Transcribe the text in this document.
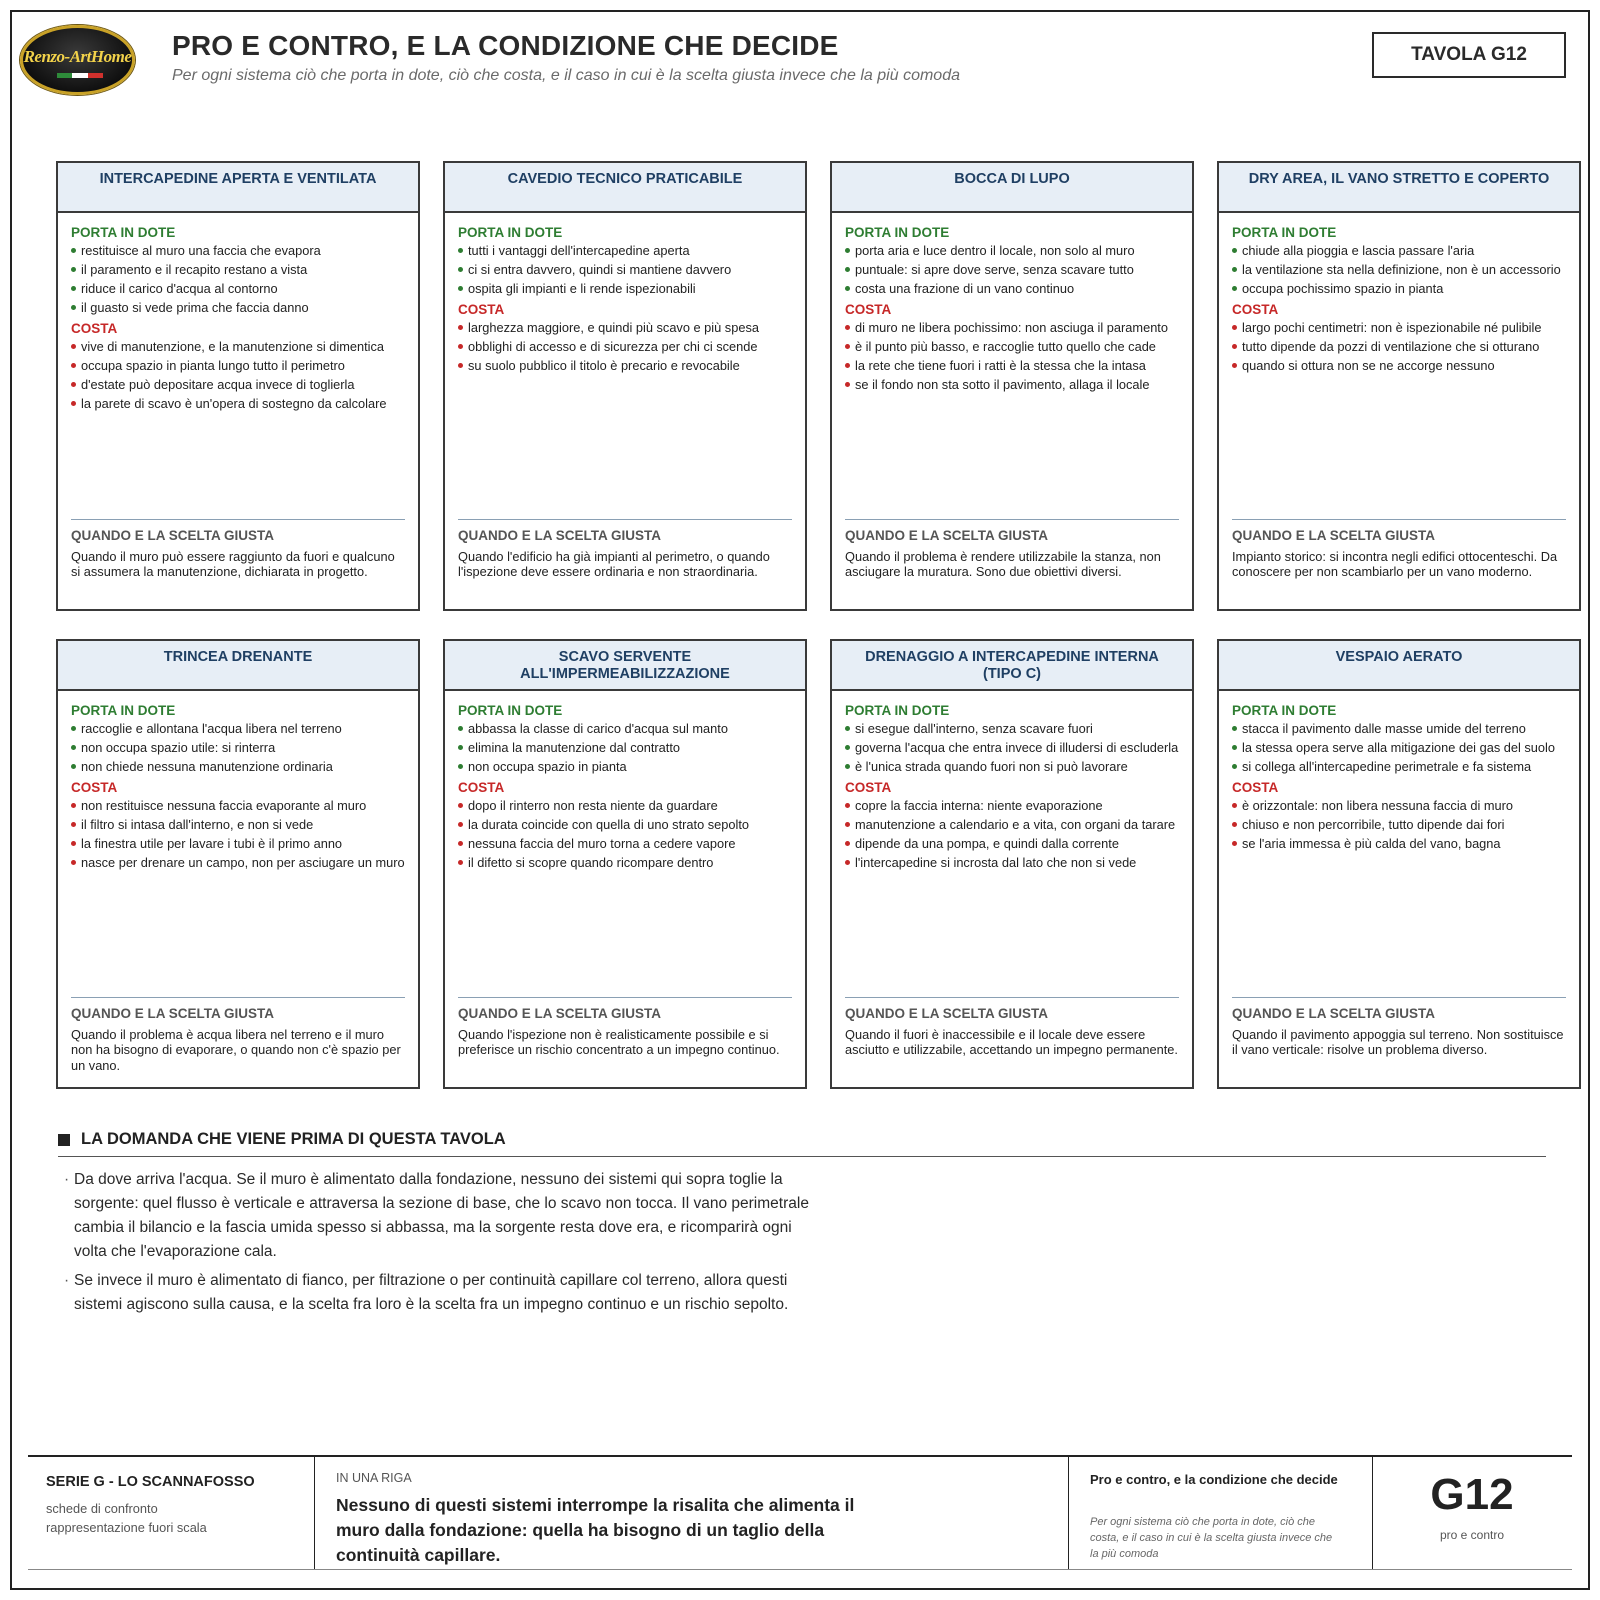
Renzo-ArtHome PRO E CONTRO, E LA CONDIZIONE CHE DECIDE
Per ogni sistema ciò che porta in dote, ciò che costa, e il caso in cui è la scelta giusta invece che la più comoda
TAVOLA G12
INTERCAPEDINE APERTA E VENTILATA
PORTA IN DOTE
restituisce al muro una faccia che evapora
il paramento e il recapito restano a vista
riduce il carico d'acqua al contorno
il guasto si vede prima che faccia danno
COSTA
vive di manutenzione, e la manutenzione si dimentica
occupa spazio in pianta lungo tutto il perimetro
d'estate può depositare acqua invece di toglierla
la parete di scavo è un'opera di sostegno da calcolare
QUANDO E LA SCELTA GIUSTA
Quando il muro può essere raggiunto da fuori e qualcuno si assumera la manutenzione, dichiarata in progetto.
CAVEDIO TECNICO PRATICABILE
PORTA IN DOTE
tutti i vantaggi dell'intercapedine aperta
ci si entra davvero, quindi si mantiene davvero
ospita gli impianti e li rende ispezionabili
COSTA
larghezza maggiore, e quindi più scavo e più spesa
obblighi di accesso e di sicurezza per chi ci scende
su suolo pubblico il titolo è precario e revocabile
QUANDO E LA SCELTA GIUSTA
Quando l'edificio ha già impianti al perimetro, o quando l'ispezione deve essere ordinaria e non straordinaria.
BOCCA DI LUPO
PORTA IN DOTE
porta aria e luce dentro il locale, non solo al muro
puntuale: si apre dove serve, senza scavare tutto
costa una frazione di un vano continuo
COSTA
di muro ne libera pochissimo: non asciuga il paramento
è il punto più basso, e raccoglie tutto quello che cade
la rete che tiene fuori i ratti è la stessa che la intasa
se il fondo non sta sotto il pavimento, allaga il locale
QUANDO E LA SCELTA GIUSTA
Quando il problema è rendere utilizzabile la stanza, non asciugare la muratura. Sono due obiettivi diversi.
DRY AREA, IL VANO STRETTO E COPERTO
PORTA IN DOTE
chiude alla pioggia e lascia passare l'aria
la ventilazione sta nella definizione, non è un accessorio
occupa pochissimo spazio in pianta
COSTA
largo pochi centimetri: non è ispezionabile né pulibile
tutto dipende da pozzi di ventilazione che si otturano
quando si ottura non se ne accorge nessuno
QUANDO E LA SCELTA GIUSTA
Impianto storico: si incontra negli edifici ottocenteschi. Da conoscere per non scambiarlo per un vano moderno.
TRINCEA DRENANTE
PORTA IN DOTE
raccoglie e allontana l'acqua libera nel terreno
non occupa spazio utile: si rinterra
non chiede nessuna manutenzione ordinaria
COSTA
non restituisce nessuna faccia evaporante al muro
il filtro si intasa dall'interno, e non si vede
la finestra utile per lavare i tubi è il primo anno
nasce per drenare un campo, non per asciugare un muro
QUANDO E LA SCELTA GIUSTA
Quando il problema è acqua libera nel terreno e il muro non ha bisogno di evaporare, o quando non c'è spazio per un vano.
SCAVO SERVENTE ALL'IMPERMEABILIZZAZIONE
PORTA IN DOTE
abbassa la classe di carico d'acqua sul manto
elimina la manutenzione dal contratto
non occupa spazio in pianta
COSTA
dopo il rinterro non resta niente da guardare
la durata coincide con quella di uno strato sepolto
nessuna faccia del muro torna a cedere vapore
il difetto si scopre quando ricompare dentro
QUANDO E LA SCELTA GIUSTA
Quando l'ispezione non è realisticamente possibile e si preferisce un rischio concentrato a un impegno continuo.
DRENAGGIO A INTERCAPEDINE INTERNA (TIPO C)
PORTA IN DOTE
si esegue dall'interno, senza scavare fuori
governa l'acqua che entra invece di illudersi di escluderla
è l'unica strada quando fuori non si può lavorare
COSTA
copre la faccia interna: niente evaporazione
manutenzione a calendario e a vita, con organi da tarare
dipende da una pompa, e quindi dalla corrente
l'intercapedine si incrosta dal lato che non si vede
QUANDO E LA SCELTA GIUSTA
Quando il fuori è inaccessibile e il locale deve essere asciutto e utilizzabile, accettando un impegno permanente.
VESPAIO AERATO
PORTA IN DOTE
stacca il pavimento dalle masse umide del terreno
la stessa opera serve alla mitigazione dei gas del suolo
si collega all'intercapedine perimetrale e fa sistema
COSTA
è orizzontale: non libera nessuna faccia di muro
chiuso e non percorribile, tutto dipende dai fori
se l'aria immessa è più calda del vano, bagna
QUANDO E LA SCELTA GIUSTA
Quando il pavimento appoggia sul terreno. Non sostituisce il vano verticale: risolve un problema diverso.
LA DOMANDA CHE VIENE PRIMA DI QUESTA TAVOLA
· Da dove arriva l'acqua. Se il muro è alimentato dalla fondazione, nessuno dei sistemi qui sopra toglie la sorgente: quel flusso è verticale e attraversa la sezione di base, che lo scavo non tocca. Il vano perimetrale cambia il bilancio e la fascia umida spesso si abbassa, ma la sorgente resta dove era, e ricomparirà ogni volta che l'evaporazione cala.
· Se invece il muro è alimentato di fianco, per filtrazione o per continuità capillare col terreno, allora questi sistemi agiscono sulla causa, e la scelta fra loro è la scelta fra un impegno continuo e un rischio sepolto.
SERIE G - LO SCANNAFOSSO
schede di confronto
rappresentazione fuori scala
IN UNA RIGA
Nessuno di questi sistemi interrompe la risalita che alimenta il muro dalla fondazione: quella ha bisogno di un taglio della continuità capillare.
Pro e contro, e la condizione che decide
Per ogni sistema ciò che porta in dote, ciò che costa, e il caso in cui è la scelta giusta invece che la più comoda
G12
pro e contro
